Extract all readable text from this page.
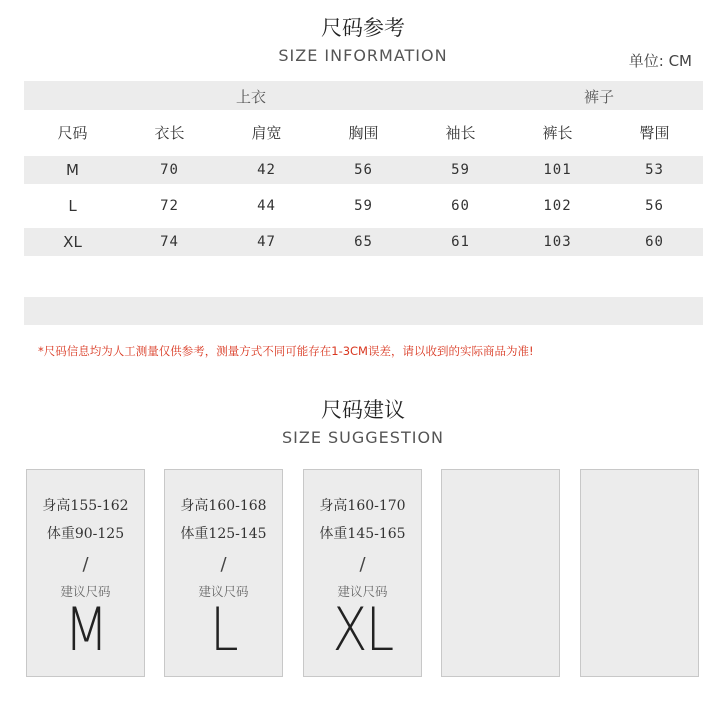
尺码参考
SIZE INFORMATION	单位: CM
上衣	裤子
尺码	衣长	肩宽	胸围	袖长	裤长	臀围
M	70	42	56	59	101	53
L	72	44	59	60	102	56
XL	74	47	65	61	103	60
*尺码信息均为人工测量仅供参考，测量方式不同可能存在1-3CM误差，请以收到的实际商品为准!
尺码建议
SIZE SUGGESTION
身高155-162
体重90-125
/
建议尺码
M
身高160-168
体重125-145
/
建议尺码
L
身高160-170
体重145-165
/
建议尺码
XL
